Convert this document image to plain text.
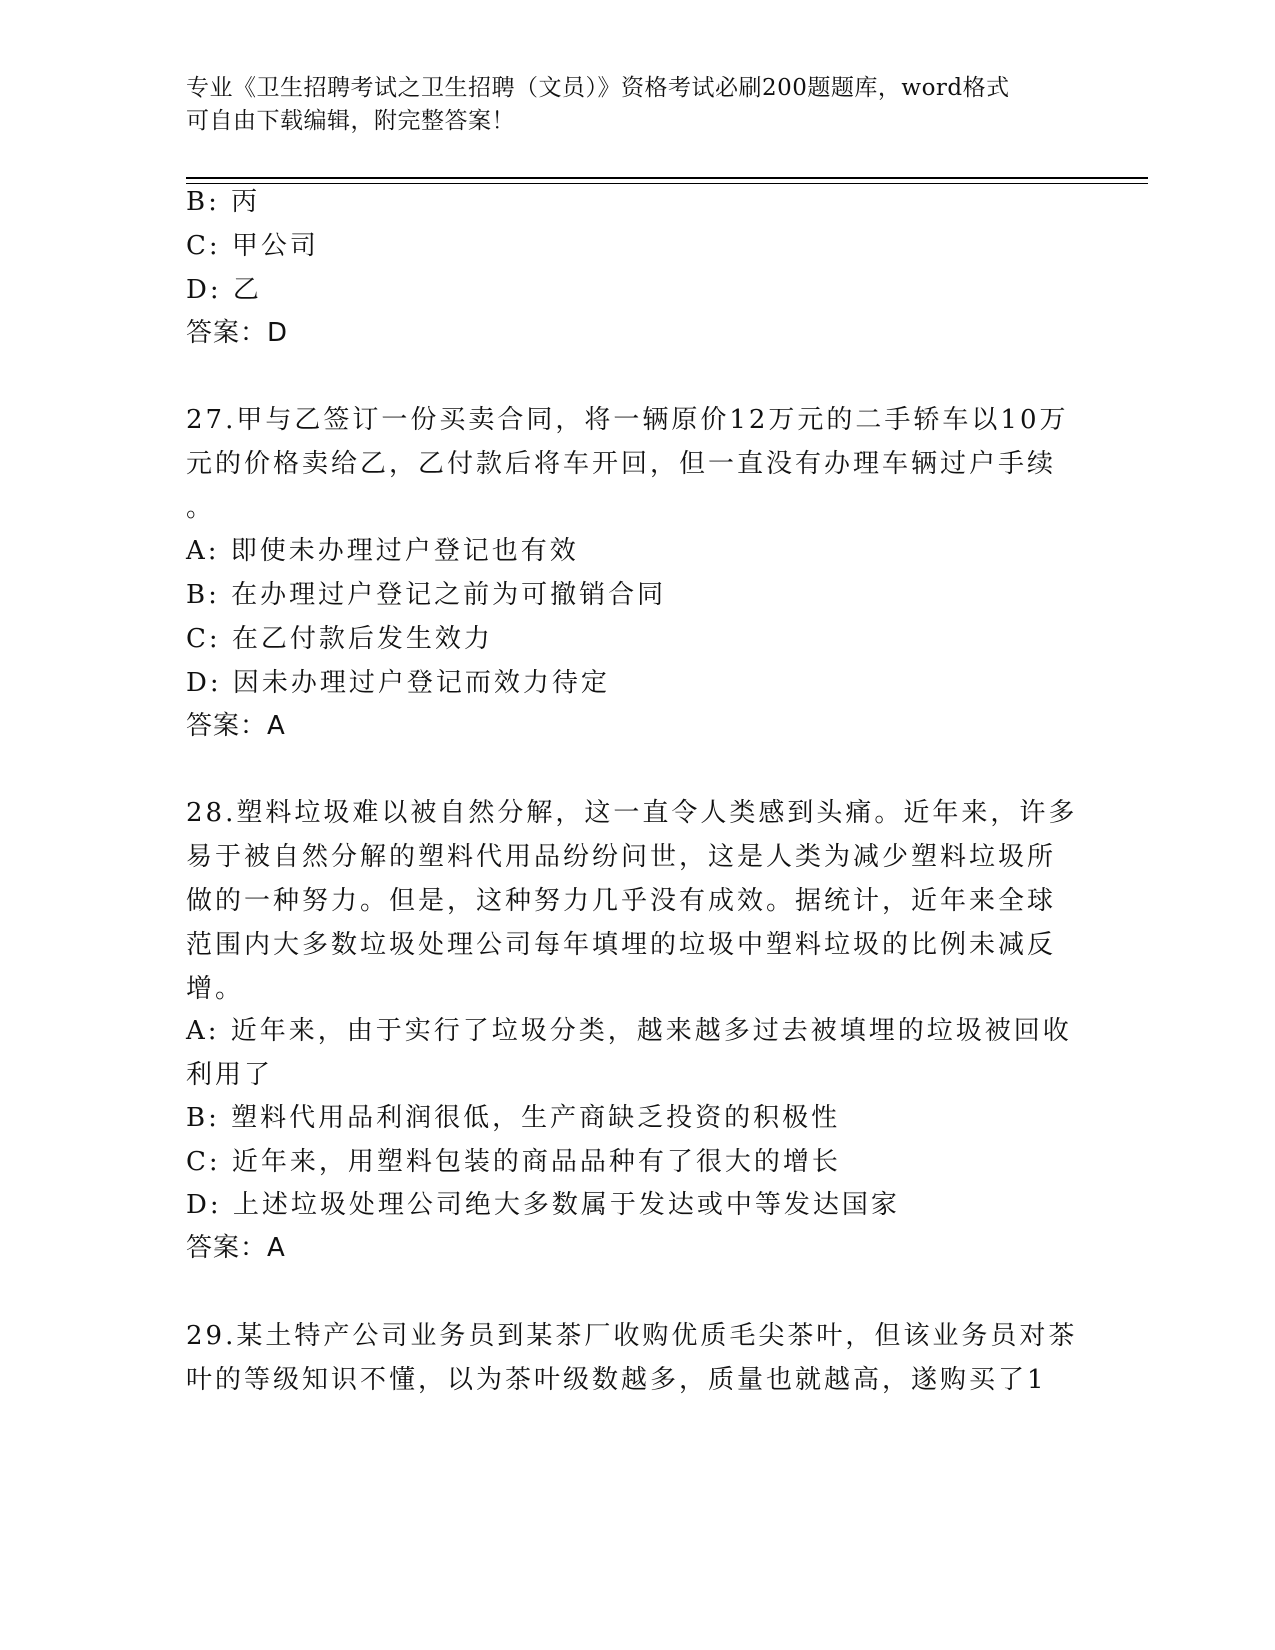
专业《卫生招聘考试之卫生招聘（文员）》资格考试必刷200题题库，word格式
可自由下载编辑，附完整答案！
B: 丙
C: 甲公司
D: 乙
答案：D
27.甲与乙签订一份买卖合同，将一辆原价12万元的二手轿车以10万
元的价格卖给乙，乙付款后将车开回，但一直没有办理车辆过户手续
。
A: 即使未办理过户登记也有效
B: 在办理过户登记之前为可撤销合同
C: 在乙付款后发生效力
D: 因未办理过户登记而效力待定
答案：A
28.塑料垃圾难以被自然分解，这一直令人类感到头痛。近年来，许多
易于被自然分解的塑料代用品纷纷问世，这是人类为减少塑料垃圾所
做的一种努力。但是，这种努力几乎没有成效。据统计，近年来全球
范围内大多数垃圾处理公司每年填埋的垃圾中塑料垃圾的比例未减反
增。
A: 近年来，由于实行了垃圾分类，越来越多过去被填埋的垃圾被回收
利用了
B: 塑料代用品利润很低，生产商缺乏投资的积极性
C: 近年来，用塑料包装的商品品种有了很大的增长
D: 上述垃圾处理公司绝大多数属于发达或中等发达国家
答案：A
29.某土特产公司业务员到某茶厂收购优质毛尖茶叶，但该业务员对茶
叶的等级知识不懂，以为茶叶级数越多，质量也就越高，遂购买了1
